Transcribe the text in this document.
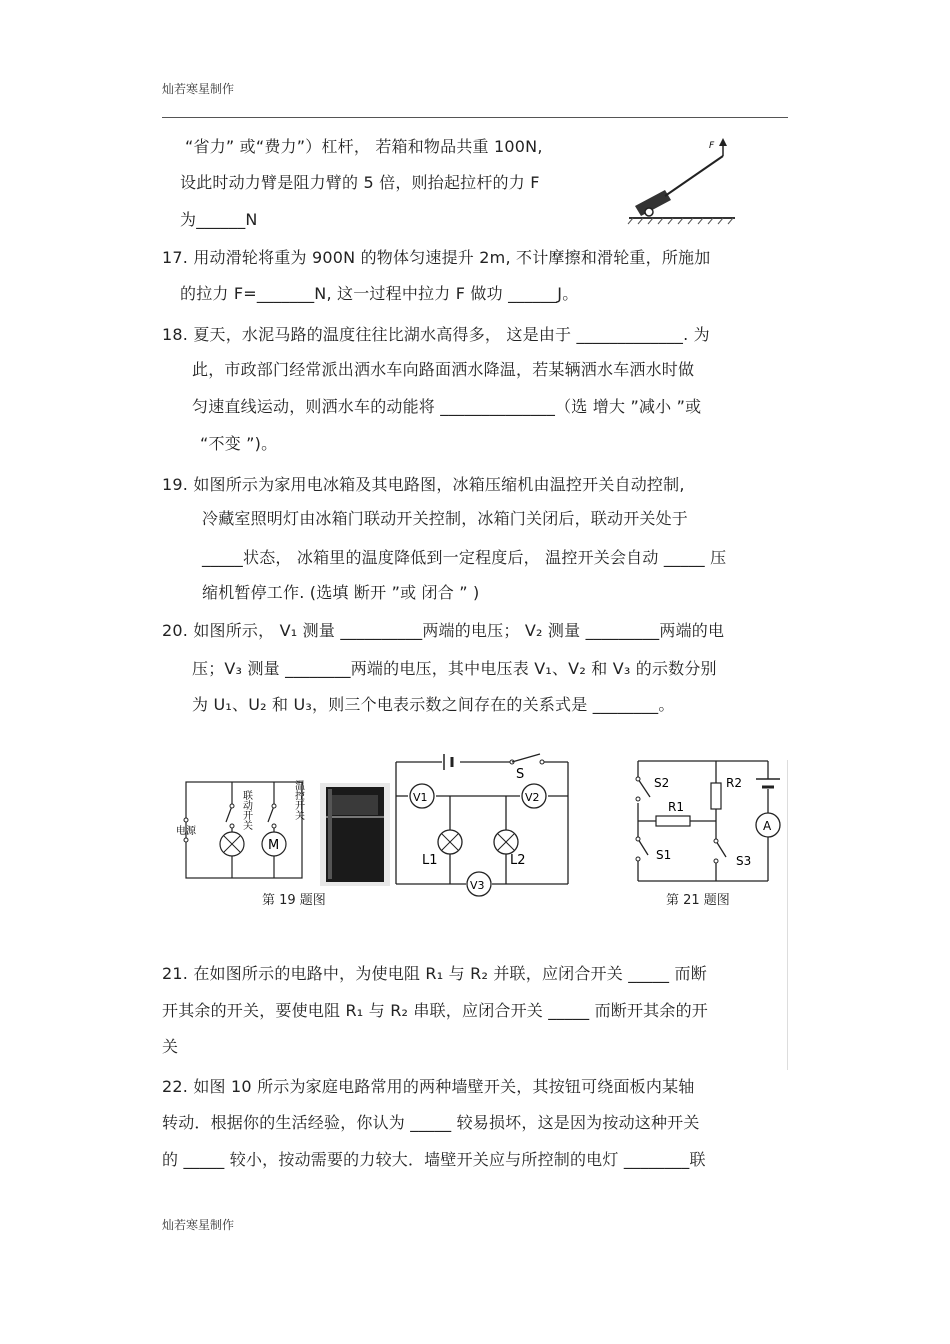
灿若寒星制作
“省力” 或“费力”）杠杆， 若箱和物品共重 100N,
设此时动力臂是阻力臂的 5 倍，则抬起拉杆的力 F
为______N
F
17. 用动滑轮将重为 900N 的物体匀速提升 2m, 不计摩擦和滑轮重，所施加
的拉力 F=_______N, 这一过程中拉力 F 做功 ______J。
18. 夏天，水泥马路的温度往往比湖水高得多， 这是由于 _____________. 为
此，市政部门经常派出洒水车向路面洒水降温，若某辆洒水车洒水时做
匀速直线运动，则洒水车的动能将 ______________（选 增大 ”减小 ”或
“不变 ”)。
19. 如图所示为家用电冰箱及其电路图，冰箱压缩机由温控开关自动控制,
冷藏室照明灯由冰箱门联动开关控制，冰箱门关闭后，联动开关处于
_____状态， 冰箱里的温度降低到一定程度后， 温控开关会自动 _____ 压
缩机暂停工作. (选填 断开 ”或 闭合 ” )
20. 如图所示， V₁ 测量 __________两端的电压； V₂ 测量 _________两端的电
压；V₃ 测量 ________两端的电压，其中电压表 V₁、V₂ 和 V₃ 的示数分别
为 U₁、U₂ 和 U₃，则三个电表示数之间存在的关系式是 ________。
M
电源
联动开关	温控开关
S
V1	V2
L1	L2
V3
R2
R1
A
S2
S1	S3
第 19 题图	第 21 题图
21. 在如图所示的电路中，为使电阻 R₁ 与 R₂ 并联，应闭合开关 _____ 而断
开其余的开关，要使电阻 R₁ 与 R₂ 串联，应闭合开关 _____ 而断开其余的开
关
22. 如图 10 所示为家庭电路常用的两种墙壁开关，其按钮可绕面板内某轴
转动．根据你的生活经验，你认为 _____ 较易损坏，这是因为按动这种开关
的 _____ 较小，按动需要的力较大．墙壁开关应与所控制的电灯 ________联
灿若寒星制作
